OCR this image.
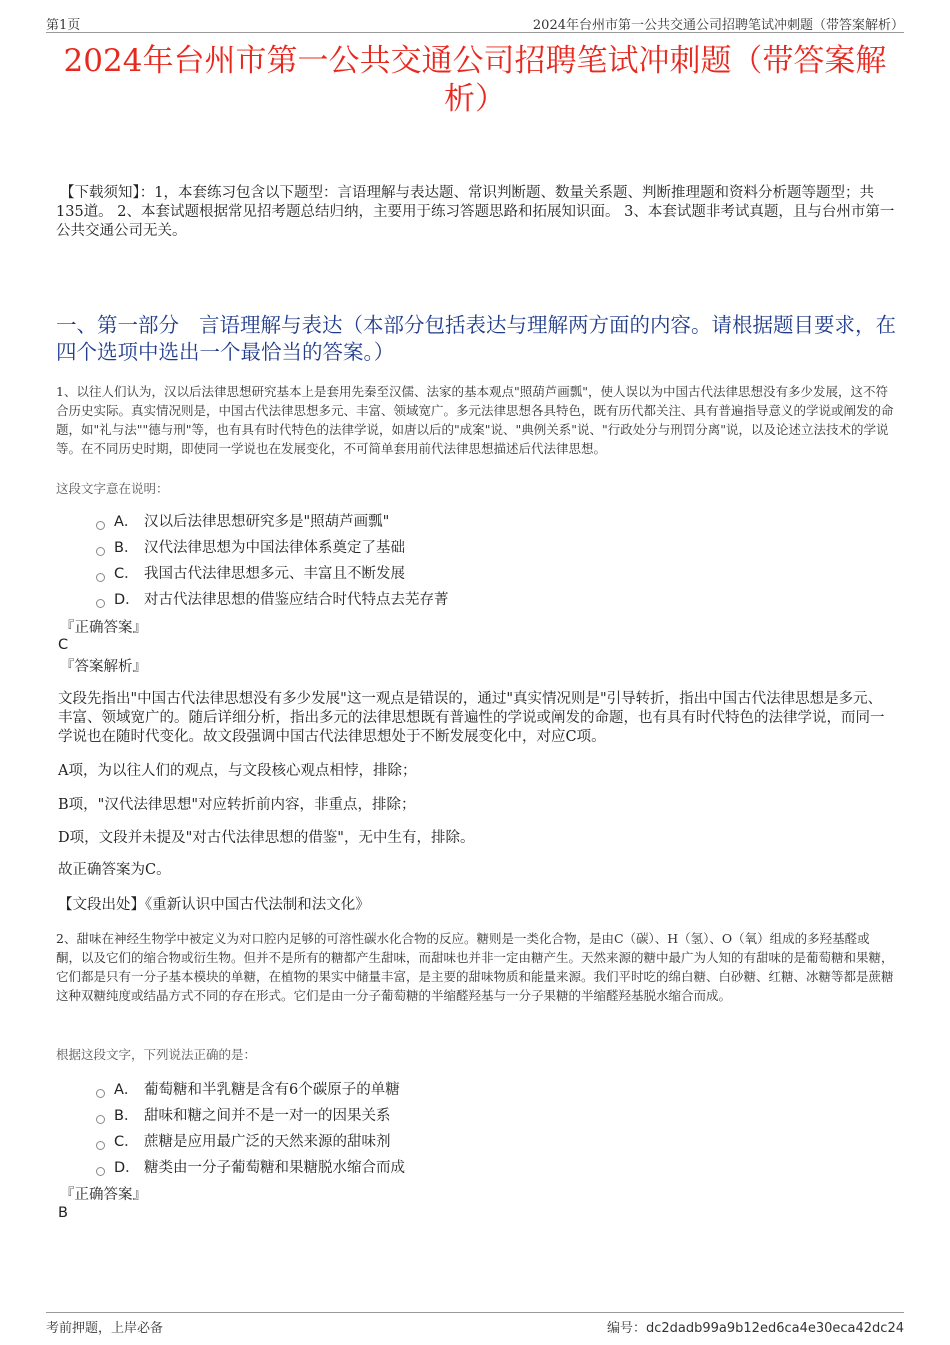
第1页	2024年台州市第一公共交通公司招聘笔试冲刺题（带答案解析）
2024年台州市第一公共交通公司招聘笔试冲刺题（带答案解
析）
【下载须知】：1，本套练习包含以下题型：言语理解与表达题、常识判断题、数量关系题、判断推理题和资料分析题等题型；共135道。 2、本套试题根据常见招考题总结归纳，主要用于练习答题思路和拓展知识面。 3、本套试题非考试真题，且与台州市第一公共交通公司无关。
一、第一部分 言语理解与表达（本部分包括表达与理解两方面的内容。请根据题目要求，在四个选项中选出一个最恰当的答案。）
1、以往人们认为，汉以后法律思想研究基本上是套用先秦至汉儒、法家的基本观点"照葫芦画瓢"，使人误以为中国古代法律思想没有多少发展，这不符合历史实际。真实情况则是，中国古代法律思想多元、丰富、领域宽广。多元法律思想各具特色，既有历代都关注、具有普遍指导意义的学说或阐发的命题，如"礼与法""德与刑"等，也有具有时代特色的法律学说，如唐以后的"成案"说、"典例关系"说、"行政处分与刑罚分离"说，以及论述立法技术的学说等。在不同历史时期，即使同一学说也在发展变化，不可简单套用前代法律思想描述后代法律思想。
这段文字意在说明：
A． 汉以后法律思想研究多是"照葫芦画瓢"
B． 汉代法律思想为中国法律体系奠定了基础
C． 我国古代法律思想多元、丰富且不断发展
D． 对古代法律思想的借鉴应结合时代特点去芜存菁
『正确答案』
C
『答案解析』
文段先指出"中国古代法律思想没有多少发展"这一观点是错误的，通过"真实情况则是"引导转折，指出中国古代法律思想是多元、丰富、领域宽广的。随后详细分析，指出多元的法律思想既有普遍性的学说或阐发的命题，也有具有时代特色的法律学说，而同一学说也在随时代变化。故文段强调中国古代法律思想处于不断发展变化中，对应C项。
A项，为以往人们的观点，与文段核心观点相悖，排除；
B项，"汉代法律思想"对应转折前内容，非重点，排除；
D项，文段并未提及"对古代法律思想的借鉴"，无中生有，排除。
故正确答案为C。
【文段出处】《重新认识中国古代法制和法文化》
2、甜味在神经生物学中被定义为对口腔内足够的可溶性碳水化合物的反应。糖则是一类化合物，是由C（碳）、H（氢）、O（氧）组成的多羟基醛或酮，以及它们的缩合物或衍生物。但并不是所有的糖都产生甜味，而甜味也并非一定由糖产生。天然来源的糖中最广为人知的有甜味的是葡萄糖和果糖，它们都是只有一分子基本模块的单糖，在植物的果实中储量丰富，是主要的甜味物质和能量来源。我们平时吃的绵白糖、白砂糖、红糖、冰糖等都是蔗糖这种双糖纯度或结晶方式不同的存在形式。它们是由一分子葡萄糖的半缩醛羟基与一分子果糖的半缩醛羟基脱水缩合而成。
根据这段文字，下列说法正确的是：
A． 葡萄糖和半乳糖是含有6个碳原子的单糖
B． 甜味和糖之间并不是一对一的因果关系
C． 蔗糖是应用最广泛的天然来源的甜味剂
D． 糖类由一分子葡萄糖和果糖脱水缩合而成
『正确答案』
B
考前押题，上岸必备	编号：dc2dadb99a9b12ed6ca4e30eca42dc24
